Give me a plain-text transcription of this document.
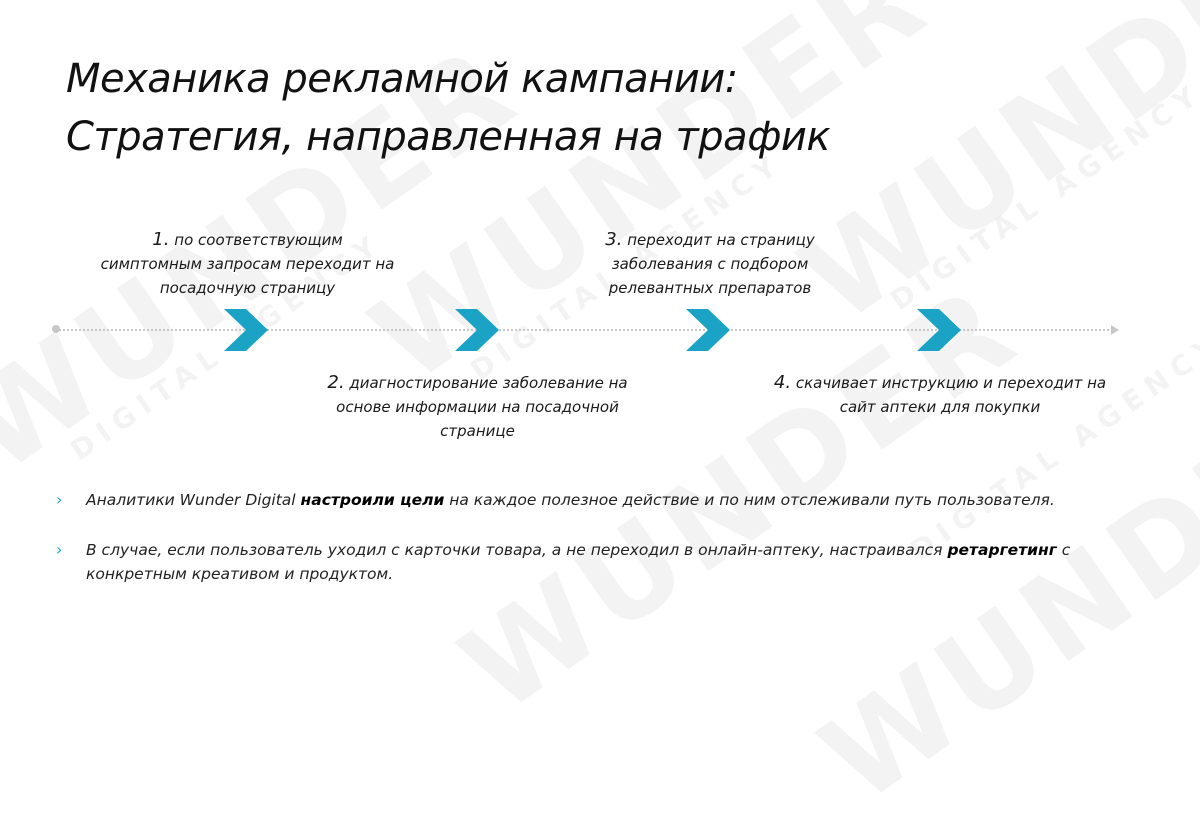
Механика рекламной кампании:
Стратегия, направленная на трафик
1. по соответствующим симптомным запросам переходит на посадочную страницу
2. диагностирование заболевание на основе информации на посадочной странице
3. переходит на страницу заболевания с подбором релевантных препаратов
4. скачивает инструкцию и переходит на сайт аптеки для покупки
› Аналитики Wunder Digital настроили цели на каждое полезное действие и по ним отслеживали путь пользователя.
› В случае, если пользователь уходил с карточки товара, а не переходил в онлайн-аптеку, настраивался ретаргетинг с конкретным креативом и продуктом.
